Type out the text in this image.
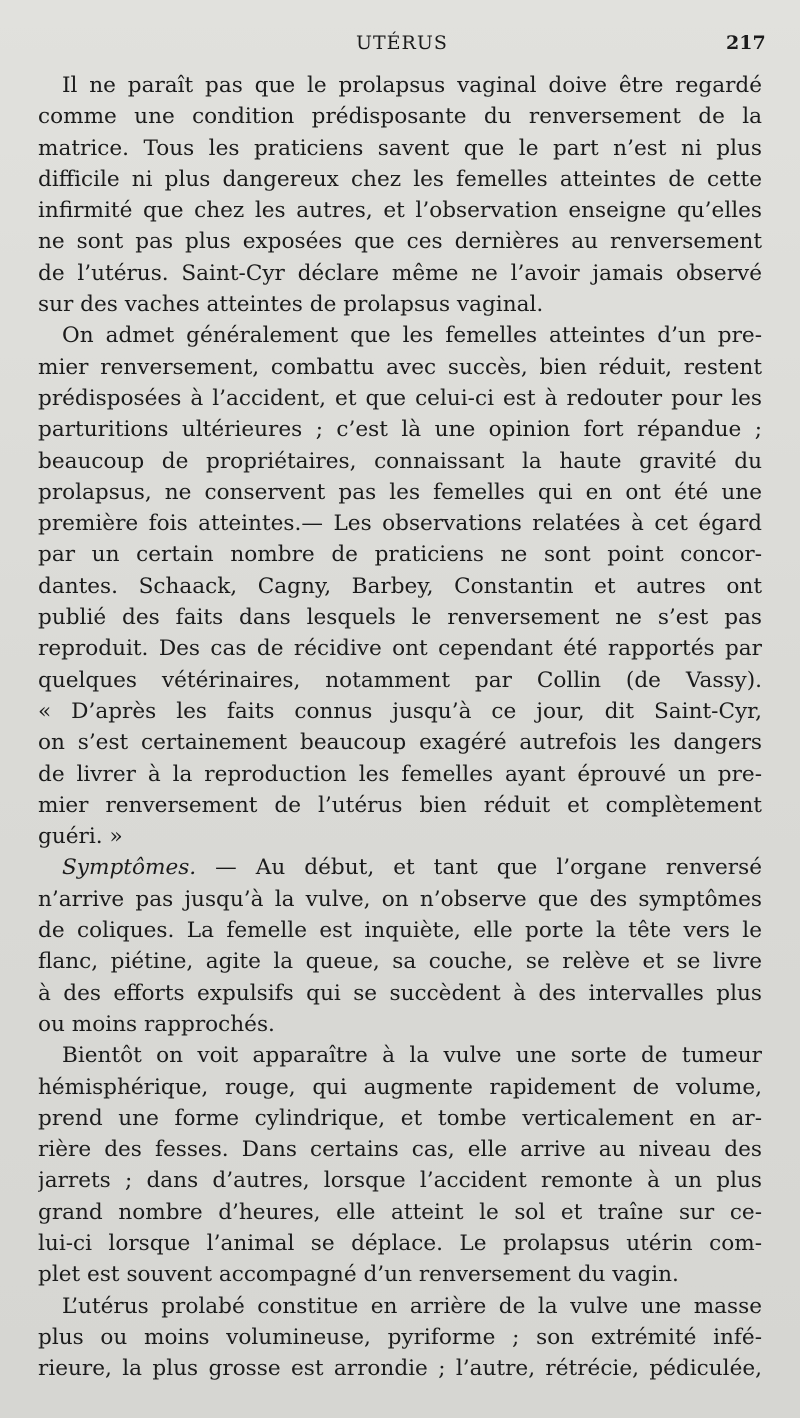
UTÉRUS	217
Il ne paraît pas que le prolapsus vaginal doive être regardé
comme une condition prédisposante du renversement de la
matrice. Tous les praticiens savent que le part n’est ni plus
difficile ni plus dangereux chez les femelles atteintes de cette
infirmité que chez les autres, et l’observation enseigne qu’elles
ne sont pas plus exposées que ces dernières au renversement
de l’utérus. Saint-Cyr déclare même ne l’avoir jamais observé
sur des vaches atteintes de prolapsus vaginal.
On admet généralement que les femelles atteintes d’un pre-
mier renversement, combattu avec succès, bien réduit, restent
prédisposées à l’accident, et que celui-ci est à redouter pour les
parturitions ultérieures ; c’est là une opinion fort répandue ;
beaucoup de propriétaires, connaissant la haute gravité du
prolapsus, ne conservent pas les femelles qui en ont été une
première fois atteintes.— Les observations relatées à cet égard
par un certain nombre de praticiens ne sont point concor-
dantes. Schaack, Cagny, Barbey, Constantin et autres ont
publié des faits dans lesquels le renversement ne s’est pas
reproduit. Des cas de récidive ont cependant été rapportés par
quelques vétérinaires, notamment par Collin (de Vassy).
« D’après les faits connus jusqu’à ce jour, dit Saint-Cyr,
on s’est certainement beaucoup exagéré autrefois les dangers
de livrer à la reproduction les femelles ayant éprouvé un pre-
mier renversement de l’utérus bien réduit et complètement
guéri. »
Symptômes. — Au début, et tant que l’organe renversé
n’arrive pas jusqu’à la vulve, on n’observe que des symptômes
de coliques. La femelle est inquiète, elle porte la tête vers le
flanc, piétine, agite la queue, sa couche, se relève et se livre
à des efforts expulsifs qui se succèdent à des intervalles plus
ou moins rapprochés.
Bientôt on voit apparaître à la vulve une sorte de tumeur
hémisphérique, rouge, qui augmente rapidement de volume,
prend une forme cylindrique, et tombe verticalement en ar-
rière des fesses. Dans certains cas, elle arrive au niveau des
jarrets ; dans d’autres, lorsque l’accident remonte à un plus
grand nombre d’heures, elle atteint le sol et traîne sur ce-
lui-ci lorsque l’animal se déplace. Le prolapsus utérin com-
plet est souvent accompagné d’un renversement du vagin.
L’utérus prolabé constitue en arrière de la vulve une masse
plus ou moins volumineuse, pyriforme ; son extrémité infé-
rieure, la plus grosse est arrondie ; l’autre, rétrécie, pédiculée,
